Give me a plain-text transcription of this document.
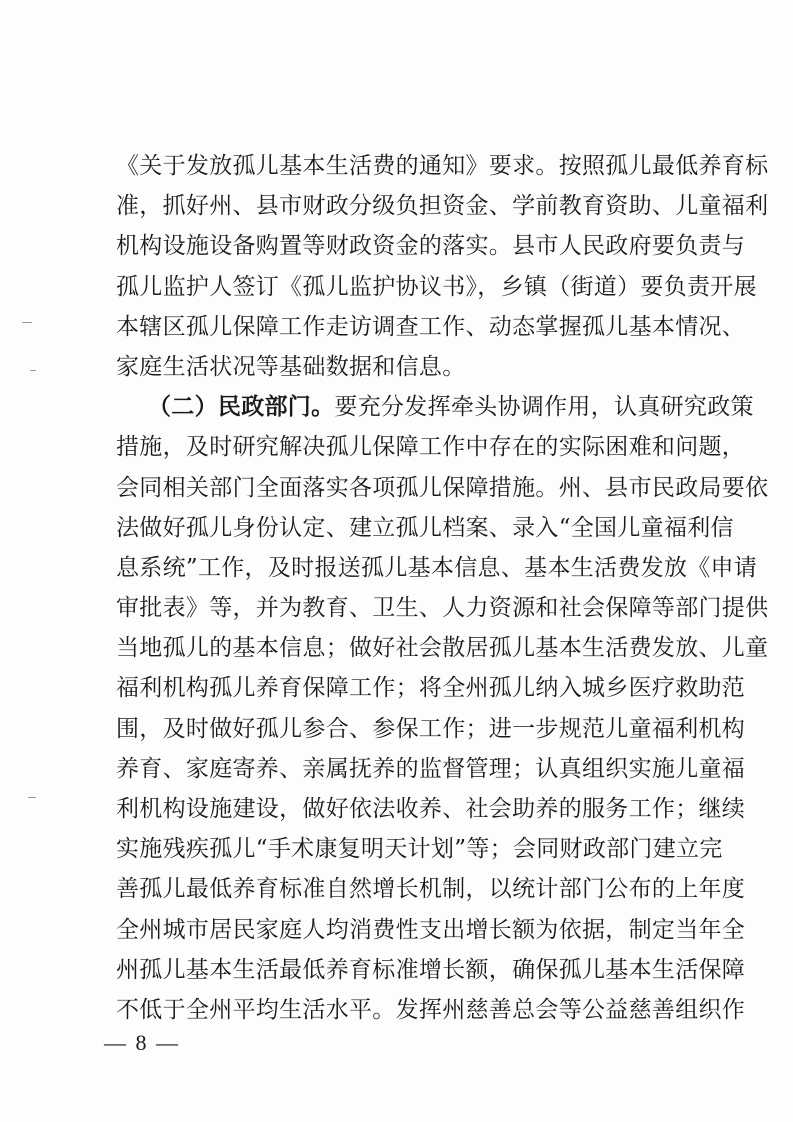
《关于发放孤儿基本生活费的通知》要求。按照孤儿最低养育标
准，抓好州、县市财政分级负担资金、学前教育资助、儿童福利
机构设施设备购置等财政资金的落实。县市人民政府要负责与
孤儿监护人签订《孤儿监护协议书》，乡镇（街道）要负责开展
本辖区孤儿保障工作走访调查工作、动态掌握孤儿基本情况、
家庭生活状况等基础数据和信息。
（二）民政部门。要充分发挥牵头协调作用，认真研究政策
措施，及时研究解决孤儿保障工作中存在的实际困难和问题，
会同相关部门全面落实各项孤儿保障措施。州、县市民政局要依
法做好孤儿身份认定、建立孤儿档案、录入“全国儿童福利信
息系统”工作，及时报送孤儿基本信息、基本生活费发放《申请
审批表》等，并为教育、卫生、人力资源和社会保障等部门提供
当地孤儿的基本信息；做好社会散居孤儿基本生活费发放、儿童
福利机构孤儿养育保障工作；将全州孤儿纳入城乡医疗救助范
围，及时做好孤儿参合、参保工作；进一步规范儿童福利机构
养育、家庭寄养、亲属抚养的监督管理；认真组织实施儿童福
利机构设施建设，做好依法收养、社会助养的服务工作；继续
实施残疾孤儿“手术康复明天计划”等；会同财政部门建立完
善孤儿最低养育标准自然增长机制，以统计部门公布的上年度
全州城市居民家庭人均消费性支出增长额为依据，制定当年全
州孤儿基本生活最低养育标准增长额，确保孤儿基本生活保障
不低于全州平均生活水平。发挥州慈善总会等公益慈善组织作
— 8 —
